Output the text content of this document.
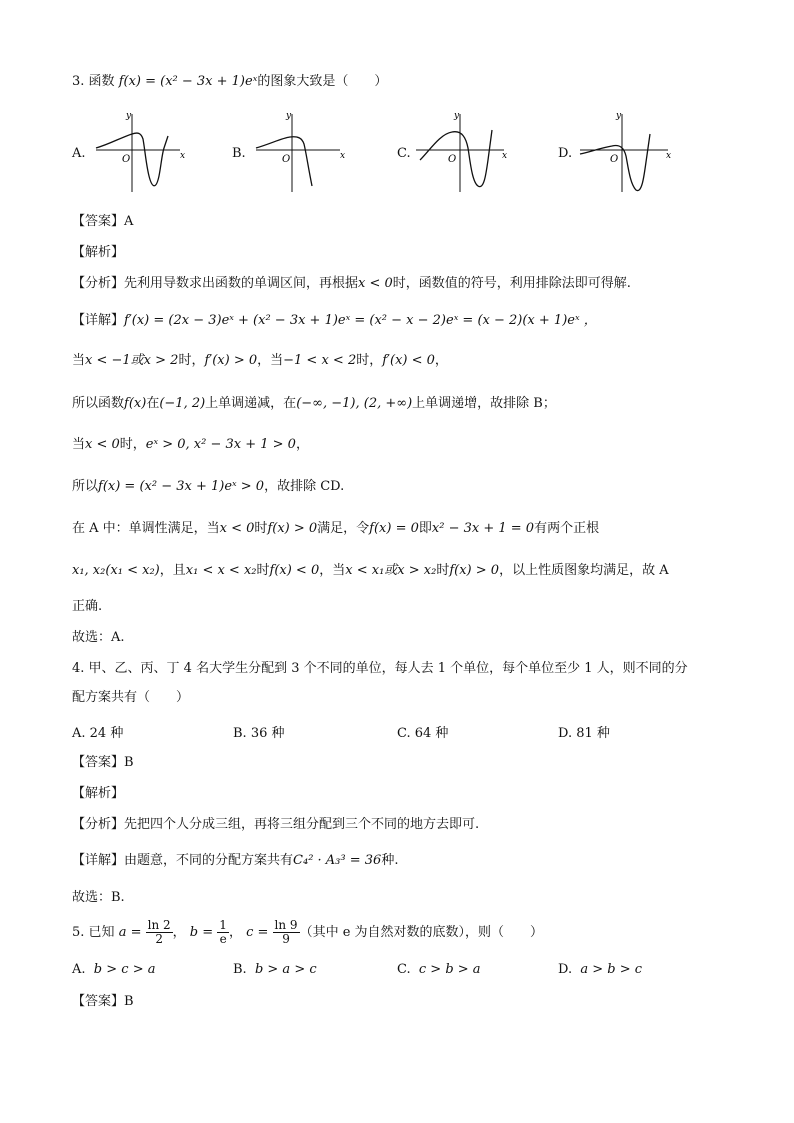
3. 函数 f(x) = (x² − 3x + 1)eˣ的图象大致是（　　）
A.
y
x
O	B.
y
x
O	C.
y
x
O	D.
y
x
O
【答案】A
【解析】
【分析】先利用导数求出函数的单调区间，再根据x < 0时，函数值的符号，利用排除法即可得解.
【详解】f′(x) = (2x − 3)eˣ + (x² − 3x + 1)eˣ = (x² − x − 2)eˣ = (x − 2)(x + 1)eˣ ，
当x < −1或x > 2时，f′(x) > 0，当−1 < x < 2时，f′(x) < 0，
所以函数f(x)在(−1, 2)上单调递减，在(−∞, −1), (2, +∞)上单调递增，故排除 B；
当x < 0时，eˣ > 0, x² − 3x + 1 > 0，
所以f(x) = (x² − 3x + 1)eˣ > 0，故排除 CD.
在 A 中：单调性满足，当x < 0时f(x) > 0满足，令f(x) = 0即x² − 3x + 1 = 0有两个正根
x₁, x₂(x₁ < x₂)，且x₁ < x < x₂时f(x) < 0，当x < x₁或x > x₂时f(x) > 0，以上性质图象均满足，故 A
正确.
故选：A.
4. 甲、乙、丙、丁 4 名大学生分配到 3 个不同的单位，每人去 1 个单位，每个单位至少 1 人，则不同的分
配方案共有（　　）
A. 24 种	B. 36 种	C. 64 种	D. 81 种
【答案】B
【解析】
【分析】先把四个人分成三组，再将三组分配到三个不同的地方去即可.
【详解】由题意，不同的分配方案共有C₄² · A₃³ = 36种.
故选：B.
5. 已知 $a = \frac{\ln 2}{2}$ ， $b = \frac{1}{e}$ ， $c = \frac{\ln 9}{9}$ （其中 e 为自然对数的底数），则（　　）
A. b > c > a	B. b > a > c	C. c > b > a	D. a > b > c
【答案】B
